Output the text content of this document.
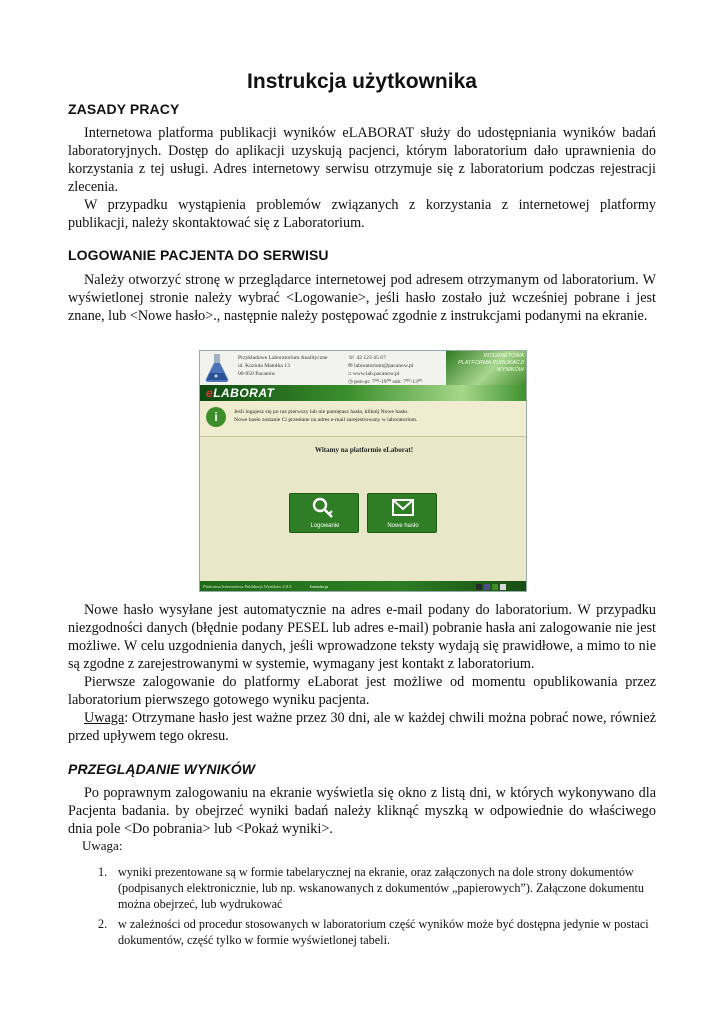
Instrukcja użytkownika
ZASADY PRACY

Internetowa platforma publikacji wyników eLABORAT służy do udostępniania wyników badań laboratoryjnych. Dostęp do aplikacji uzyskują pacjenci, którym laboratorium dało uprawnienia do korzystania z tej usługi. Adres internetowy serwisu otrzymuje się z laboratorium podczas rejestracji zlecenia.

W przypadku wystąpienia problemów związanych z korzystania z internetowej platformy publikacji, należy skontaktować się z Laboratorium.

LOGOWANIE PACJENTA DO SERWISU

Należy otworzyć stronę w przeglądarce internetowej pod adresem otrzymanym od laboratorium. W wyświetlonej stronie należy wybrać <Logowanie>, jeśli hasło zostało już wcześniej pobrane i jest znane, lub <Nowe hasło>., następnie należy postępować zgodnie z instrukcjami podanymi na ekranie.

Przykładowe Laboratorium Analityczne
ul. Kozioła Matołka 13
00-950 Pacanów
☏ 42 123 45 67
✉ laboratorium@pacanow.pl
⌂ www.lab.pacanow.pl
◷ pon-pt: 7⁰⁰-19⁰⁰ sob: 7⁰⁰-13⁰⁰
INTERNETOWA PLATFORMA PUBLIKACJI WYNIKÓW
eLABORAT
i	Jeśli logujesz się po raz pierwszy lub nie pamiętasz hasła, kliknij Nowe hasło.
Nowe hasło zostanie Ci przesłane na adres e-mail zarejestrowany w laboratorium.
Witamy na platformie eLaborat!
Logowanie	Nowe hasło
Platforma Internetowa Publikacji Wyników 2.0.5	Instrukcja

Nowe hasło wysyłane jest automatycznie na adres e-mail podany do laboratorium. W przypadku niezgodności danych (błędnie podany PESEL lub adres e-mail) pobranie hasła ani zalogowanie nie jest możliwe. W celu uzgodnienia danych, jeśli wprowadzone teksty wydają się prawidłowe, a mimo to nie są zgodne z zarejestrowanymi w systemie, wymagany jest kontakt z laboratorium.

Pierwsze zalogowanie do platformy eLaborat jest możliwe od momentu opublikowania przez laboratorium pierwszego gotowego wyniku pacjenta.

Uwaga: Otrzymane hasło jest ważne przez 30 dni, ale w każdej chwili można pobrać nowe, również przed upływem tego okresu.

PRZEGLĄDANIE WYNIKÓW

Po poprawnym zalogowaniu na ekranie wyświetla się okno z listą dni, w których wykonywano dla Pacjenta badania. by obejrzeć wyniki badań należy kliknąć myszką w odpowiednie do właściwego dnia pole <Do pobrania> lub <Pokaż wyniki>.

Uwaga:
1. wyniki prezentowane są w formie tabelarycznej na ekranie, oraz załączonych na dole strony dokumentów (podpisanych elektronicznie, lub np. wskanowanych z dokumentów „papierowych”). Załączone dokumentu można obejrzeć, lub wydrukować
2. w zależności od procedur stosowanych w laboratorium część wyników może być dostępna jedynie w postaci dokumentów, część tylko w formie wyświetlonej tabeli.
